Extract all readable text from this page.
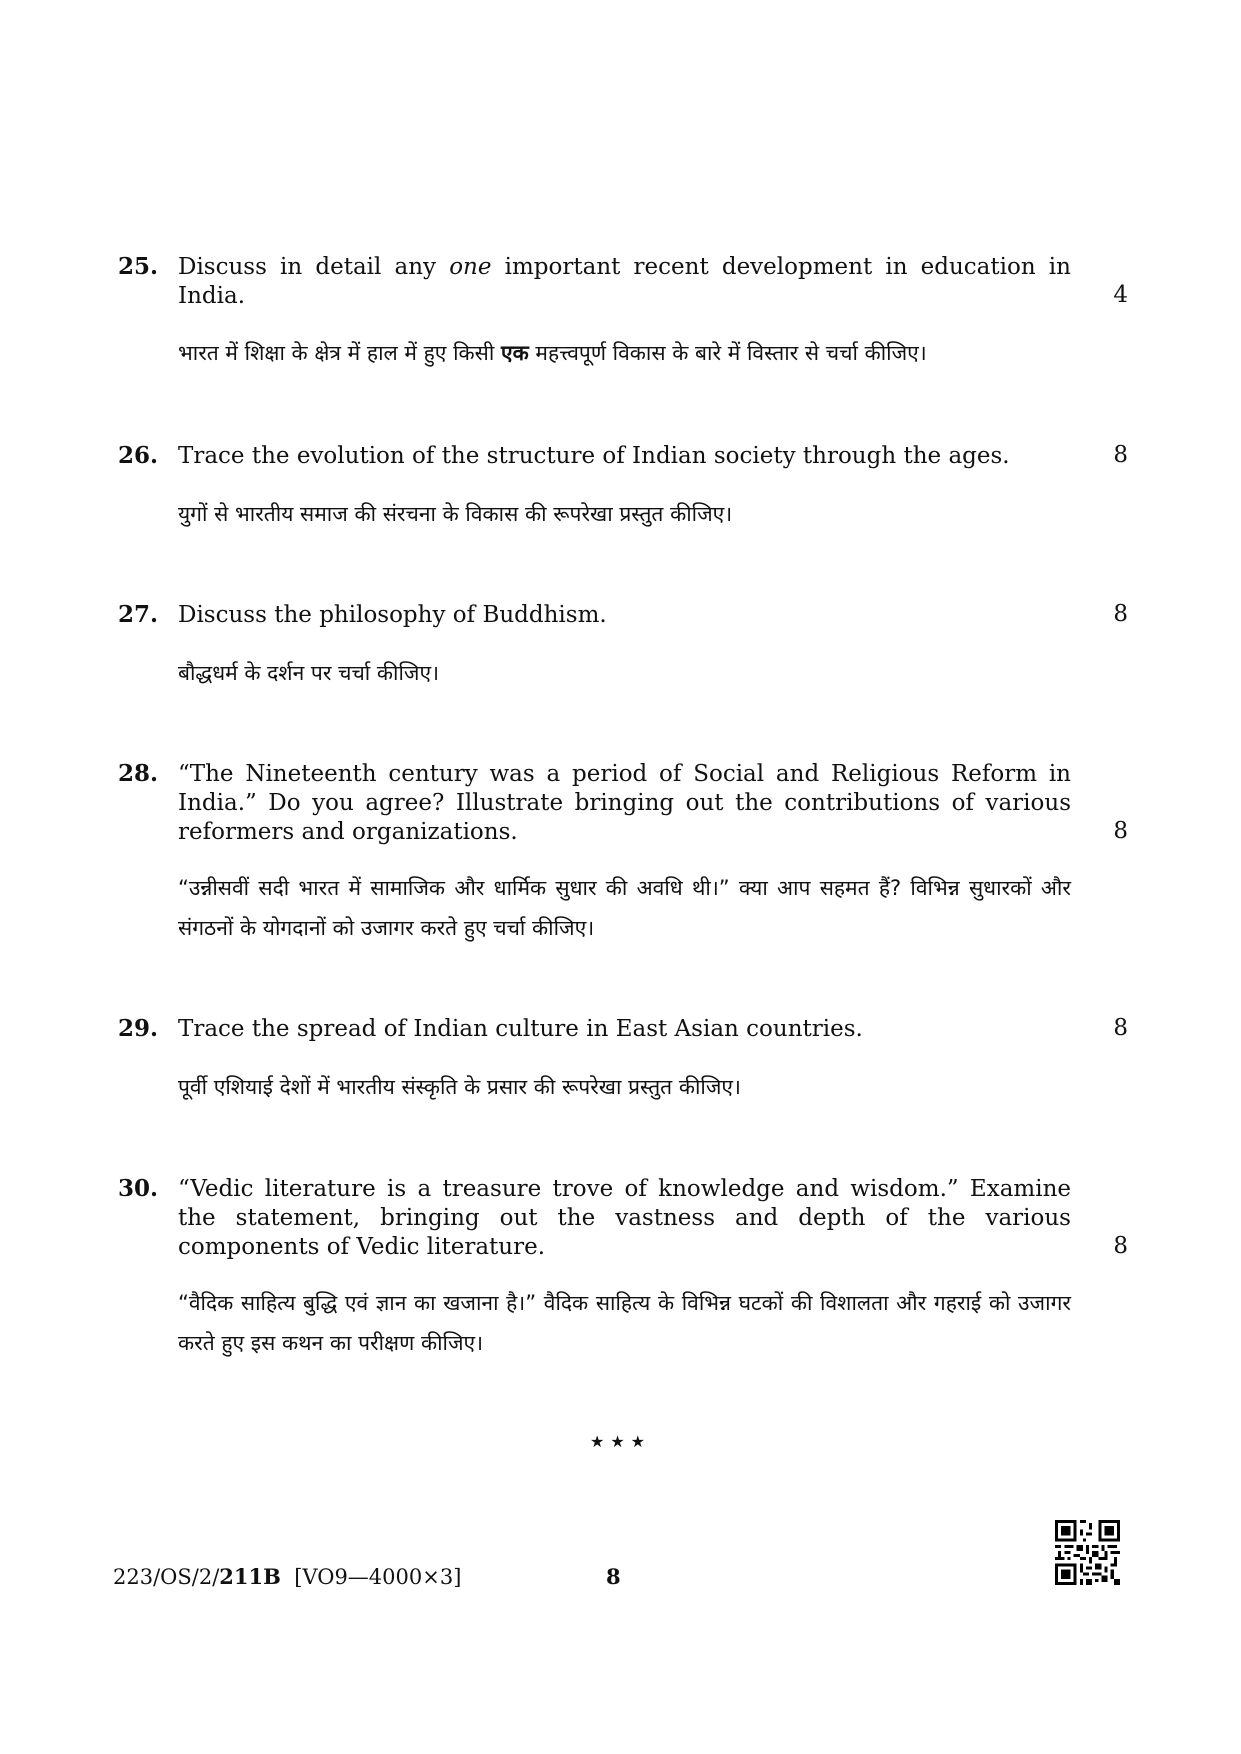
25. Discuss in detail any one important recent development in education in India.	4
भारत में शिक्षा के क्षेत्र में हाल में हुए किसी एक महत्त्वपूर्ण विकास के बारे में विस्तार से चर्चा कीजिए।
26. Trace the evolution of the structure of Indian society through the ages.	8
युगों से भारतीय समाज की संरचना के विकास की रूपरेखा प्रस्तुत कीजिए।
27. Discuss the philosophy of Buddhism.	8
बौद्धधर्म के दर्शन पर चर्चा कीजिए।
28. “The Nineteenth century was a period of Social and Religious Reform in India.” Do you agree? Illustrate bringing out the contributions of various reformers and organizations.	8
“उन्नीसवीं सदी भारत में सामाजिक और धार्मिक सुधार की अवधि थी।” क्या आप सहमत हैं? विभिन्न सुधारकों और संगठनों के योगदानों को उजागर करते हुए चर्चा कीजिए।
29. Trace the spread of Indian culture in East Asian countries.	8
पूर्वी एशियाई देशों में भारतीय संस्कृति के प्रसार की रूपरेखा प्रस्तुत कीजिए।
30. “Vedic literature is a treasure trove of knowledge and wisdom.” Examine the statement, bringing out the vastness and depth of the various components of Vedic literature.	8
“वैदिक साहित्य बुद्धि एवं ज्ञान का खजाना है।” वैदिक साहित्य के विभिन्न घटकों की विशालता और गहराई को उजागर करते हुए इस कथन का परीक्षण कीजिए।
★★★
223/OS/2/211B [VO9—4000×3]	8
